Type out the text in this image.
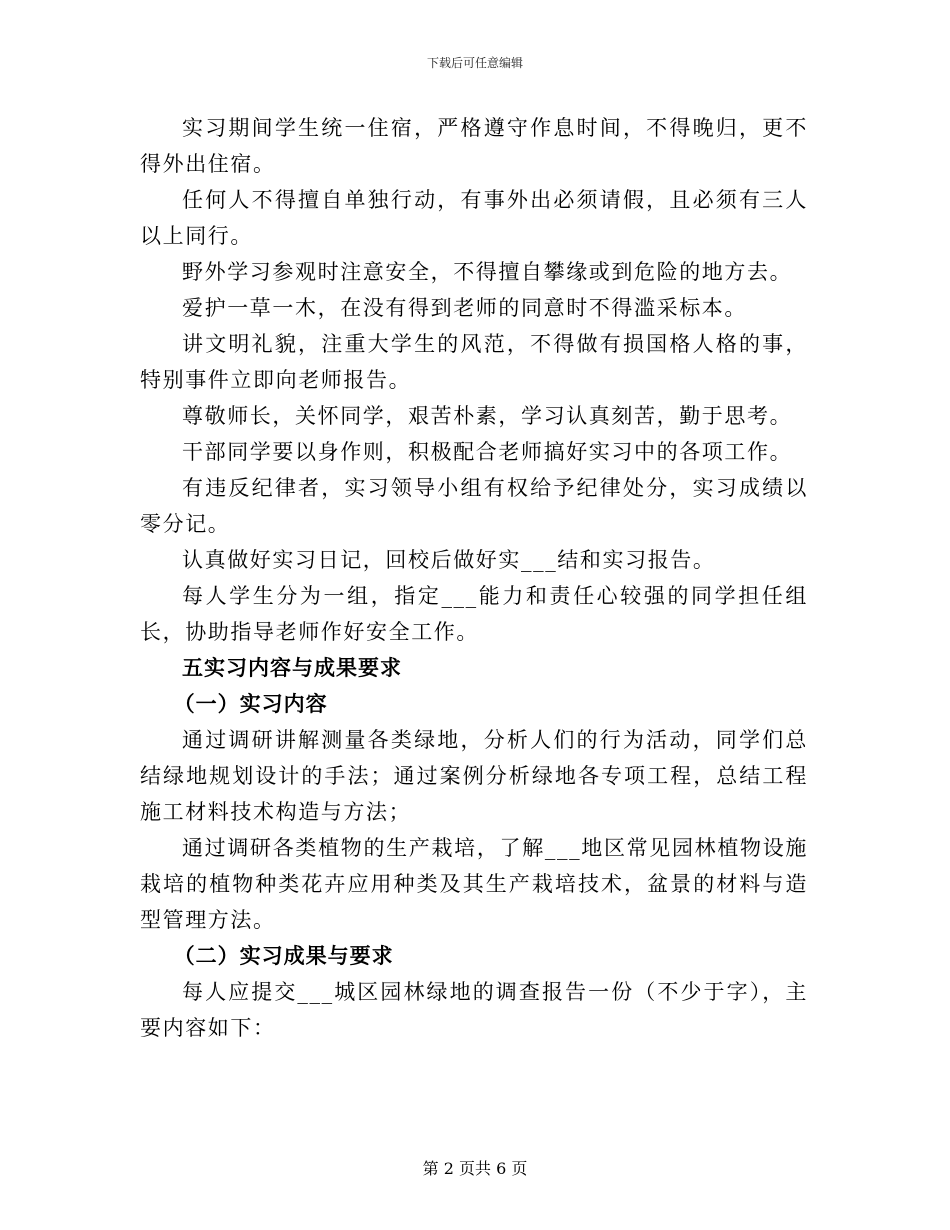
下载后可任意编辑

实习期间学生统一住宿，严格遵守作息时间，不得晚归，更不得外出住宿。

任何人不得擅自单独行动，有事外出必须请假，且必须有三人以上同行。

野外学习参观时注意安全，不得擅自攀缘或到危险的地方去。

爱护一草一木，在没有得到老师的同意时不得滥采标本。

讲文明礼貌，注重大学生的风范，不得做有损国格人格的事，特别事件立即向老师报告。

尊敬师长，关怀同学，艰苦朴素，学习认真刻苦，勤于思考。

干部同学要以身作则，积极配合老师搞好实习中的各项工作。

有违反纪律者，实习领导小组有权给予纪律处分，实习成绩以零分记。

认真做好实习日记，回校后做好实___结和实习报告。

每人学生分为一组，指定___能力和责任心较强的同学担任组长，协助指导老师作好安全工作。

五实习内容与成果要求

（一）实习内容

通过调研讲解测量各类绿地，分析人们的行为活动，同学们总结绿地规划设计的手法；通过案例分析绿地各专项工程，总结工程施工材料技术构造与方法；

通过调研各类植物的生产栽培，了解___地区常见园林植物设施栽培的植物种类花卉应用种类及其生产栽培技术，盆景的材料与造型管理方法。

（二）实习成果与要求

每人应提交___城区园林绿地的调查报告一份（不少于字），主要内容如下：

第 2 页共 6 页
